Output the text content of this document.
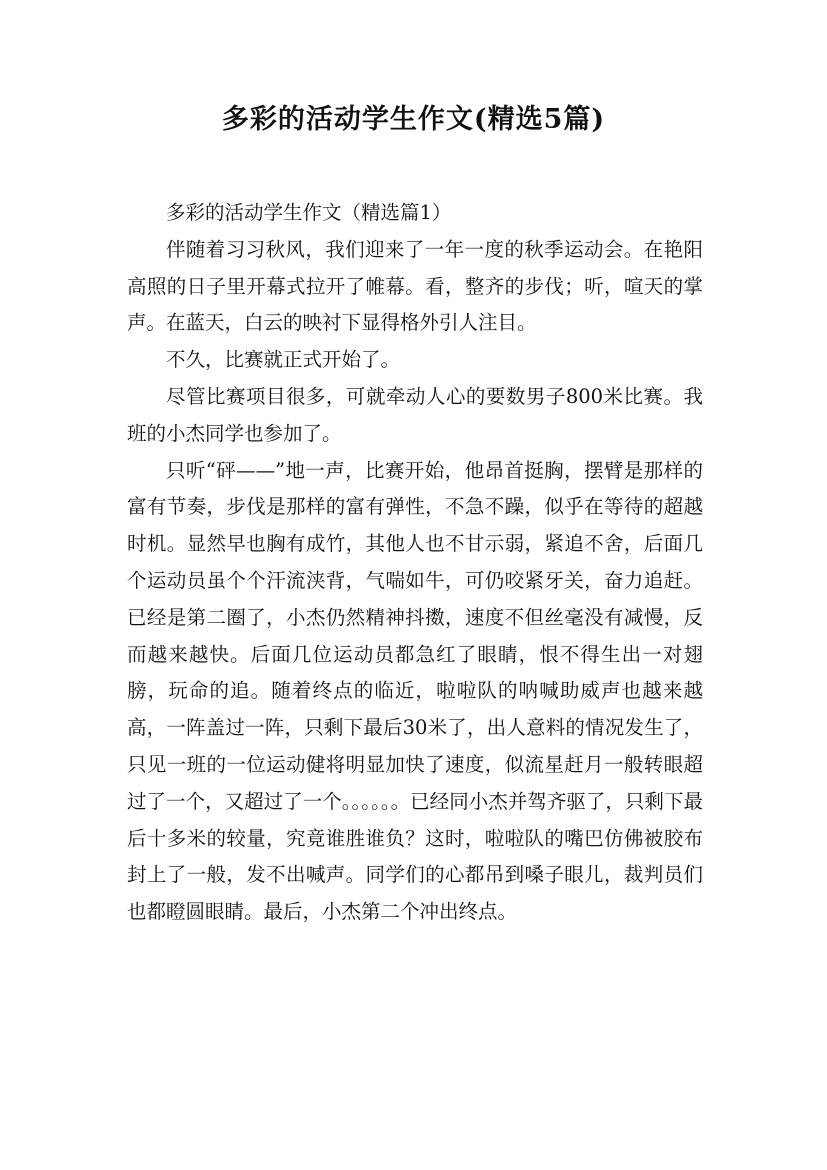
多彩的活动学生作文(精选5篇)

多彩的活动学生作文（精选篇1）

伴随着习习秋风，我们迎来了一年一度的秋季运动会。在艳阳高照的日子里开幕式拉开了帷幕。看，整齐的步伐；听，喧天的掌声。在蓝天，白云的映衬下显得格外引人注目。

不久，比赛就正式开始了。

尽管比赛项目很多，可就牵动人心的要数男子800米比赛。我班的小杰同学也参加了。

只听“砰——”地一声，比赛开始，他昂首挺胸，摆臂是那样的富有节奏，步伐是那样的富有弹性，不急不躁，似乎在等待的超越时机。显然早也胸有成竹，其他人也不甘示弱，紧追不舍，后面几个运动员虽个个汗流浃背，气喘如牛，可仍咬紧牙关，奋力追赶。已经是第二圈了，小杰仍然精神抖擞，速度不但丝毫没有减慢，反而越来越快。后面几位运动员都急红了眼睛，恨不得生出一对翅膀，玩命的追。随着终点的临近，啦啦队的呐喊助威声也越来越高，一阵盖过一阵，只剩下最后30米了，出人意料的情况发生了，只见一班的一位运动健将明显加快了速度，似流星赶月一般转眼超过了一个，又超过了一个。。。。。。已经同小杰并驾齐驱了，只剩下最后十多米的较量，究竟谁胜谁负？这时，啦啦队的嘴巴仿佛被胶布封上了一般，发不出喊声。同学们的心都吊到嗓子眼儿，裁判员们也都瞪圆眼睛。最后，小杰第二个冲出终点。
